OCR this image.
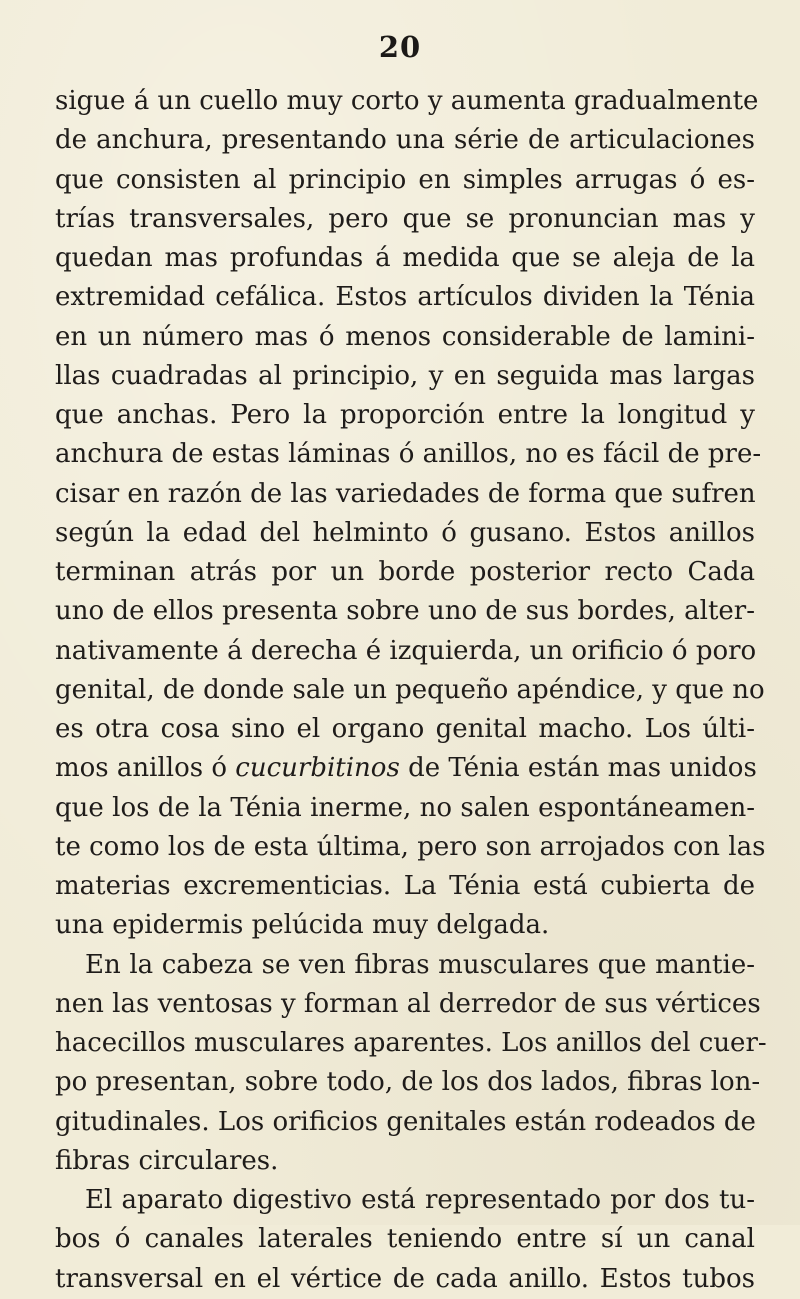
20
sigue á un cuello muy corto y aumenta gradualmente
de anchura, presentando una série de articulaciones
que consisten al principio en simples arrugas ó es-
trías transversales, pero que se pronuncian mas y
quedan mas profundas á medida que se aleja de la
extremidad cefálica. Estos artículos dividen la Ténia
en un número mas ó menos considerable de lamini-
llas cuadradas al principio, y en seguida mas largas
que anchas. Pero la proporción entre la longitud y
anchura de estas láminas ó anillos, no es fácil de pre-
cisar en razón de las variedades de forma que sufren
según la edad del helminto ó gusano. Estos anillos
terminan atrás por un borde posterior recto Cada
uno de ellos presenta sobre uno de sus bordes, alter-
nativamente á derecha é izquierda, un orificio ó poro
genital, de donde sale un pequeño apéndice, y que no
es otra cosa sino el organo genital macho. Los últi-
mos anillos ó cucurbitinos de Ténia están mas unidos
que los de la Ténia inerme, no salen espontáneamen-
te como los de esta última, pero son arrojados con las
materias excrementicias. La Ténia está cubierta de
una epidermis pelúcida muy delgada.
En la cabeza se ven fibras musculares que mantie-
nen las ventosas y forman al derredor de sus vértices
hacecillos musculares aparentes. Los anillos del cuer-
po presentan, sobre todo, de los dos lados, fibras lon-
gitudinales. Los orificios genitales están rodeados de
fibras circulares.
El aparato digestivo está representado por dos tu-
bos ó canales laterales teniendo entre sí un canal
transversal en el vértice de cada anillo. Estos tubos
